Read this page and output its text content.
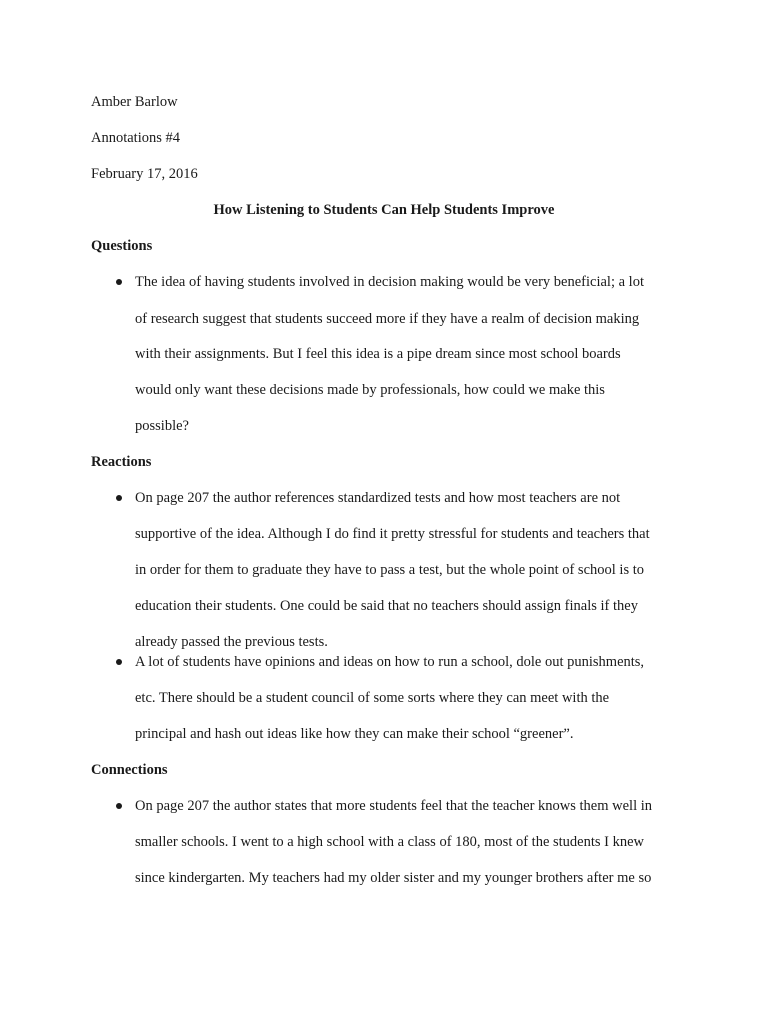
Amber Barlow
Annotations #4
February 17, 2016
How Listening to Students Can Help Students Improve
Questions
The idea of having students involved in decision making would be very beneficial; a lot
of research suggest that students succeed more if they have a realm of decision making
with their assignments. But I feel this idea is a pipe dream since most school boards
would only want these decisions made by professionals, how could we make this
possible?
Reactions
On page 207 the author references standardized tests and how most teachers are not
supportive of the idea. Although I do find it pretty stressful for students and teachers that
in order for them to graduate they have to pass a test, but the whole point of school is to
education their students. One could be said that no teachers should assign finals if they
already passed the previous tests.
A lot of students have opinions and ideas on how to run a school, dole out punishments,
etc. There should be a student council of some sorts where they can meet with the
principal and hash out ideas like how they can make their school “greener”.
Connections
On page 207 the author states that more students feel that the teacher knows them well in
smaller schools. I went to a high school with a class of 180, most of the students I knew
since kindergarten. My teachers had my older sister and my younger brothers after me so
